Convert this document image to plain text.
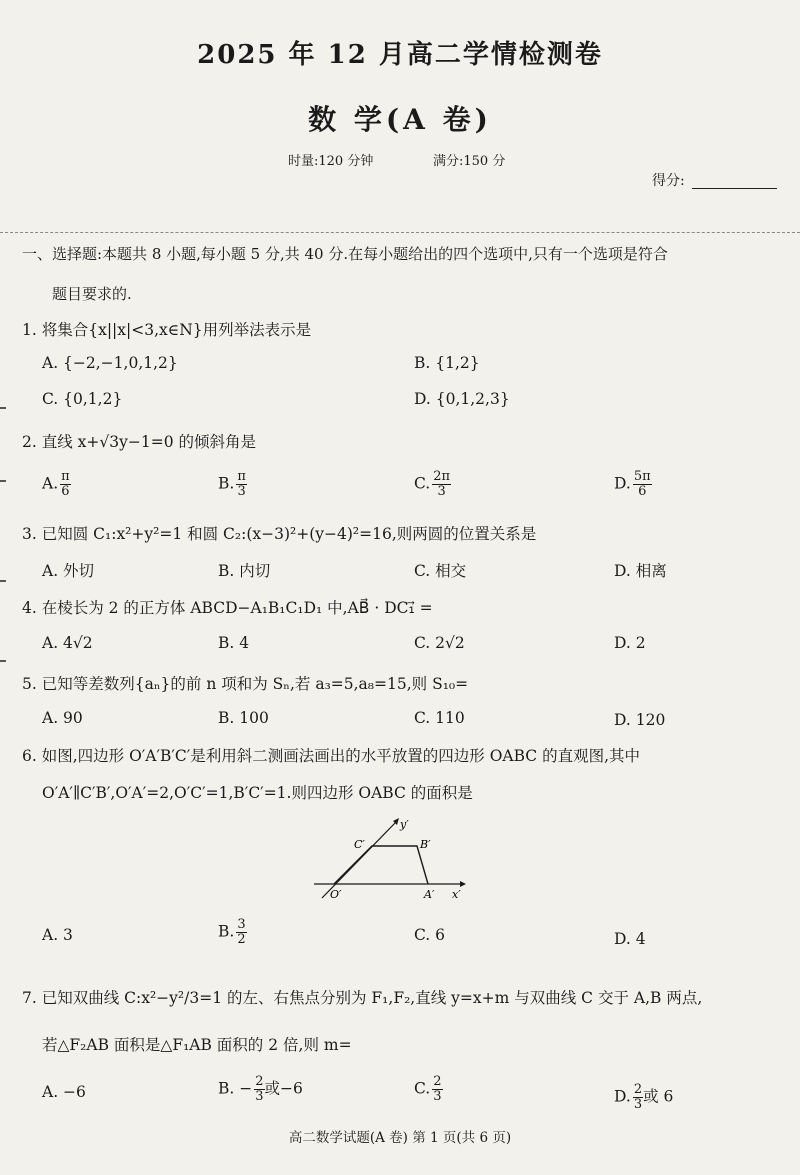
2025 年 12 月高二学情检测卷
数 学(A 卷)
时量:120 分钟	满分:150 分
得分:
一、选择题:本题共 8 小题,每小题 5 分,共 40 分.在每小题给出的四个选项中,只有一个选项是符合
题目要求的.
1. 将集合{x||x|<3,x∈N}用列举法表示是
A. {−2,−1,0,1,2}	B. {1,2}
C. {0,1,2}	D. {0,1,2,3}
2. 直线 x+√3y−1=0 的倾斜角是
A. $\frac{\pi}{6}$	B. $\frac{\pi}{3}$	C. $\frac{2\pi}{3}$	D. $\frac{5\pi}{6}$
3. 已知圆 C₁:x²+y²=1 和圆 C₂:(x−3)²+(y−4)²=16,则两圆的位置关系是
A. 外切	B. 内切	C. 相交	D. 相离
4. 在棱长为 2 的正方体 ABCD−A₁B₁C₁D₁ 中,AB⃗ · DC₁⃗ =
A. 4√2	B. 4	C. 2√2	D. 2
5. 已知等差数列{aₙ}的前 n 项和为 Sₙ,若 a₃=5,a₈=15,则 S₁₀=
A. 90	B. 100	C. 110	D. 120
6. 如图,四边形 O′A′B′C′是利用斜二测画法画出的水平放置的四边形 OABC 的直观图,其中
O′A′∥C′B′,O′A′=2,O′C′=1,B′C′=1.则四边形 OABC 的面积是
y′
C′	B′
O′	A′ x′
A. 3	B. $\frac{3}{2}$	C. 6	D. 4
7. 已知双曲线 C:x²−y²/3=1 的左、右焦点分别为 F₁,F₂,直线 y=x+m 与双曲线 C 交于 A,B 两点,
若△F₂AB 面积是△F₁AB 面积的 2 倍,则 m=
A. −6	B. − $\frac{2}{3}$ 或−6	C. $\frac{2}{3}$	D. $\frac{2}{3}$ 或 6
高二数学试题(A 卷) 第 1 页(共 6 页)
